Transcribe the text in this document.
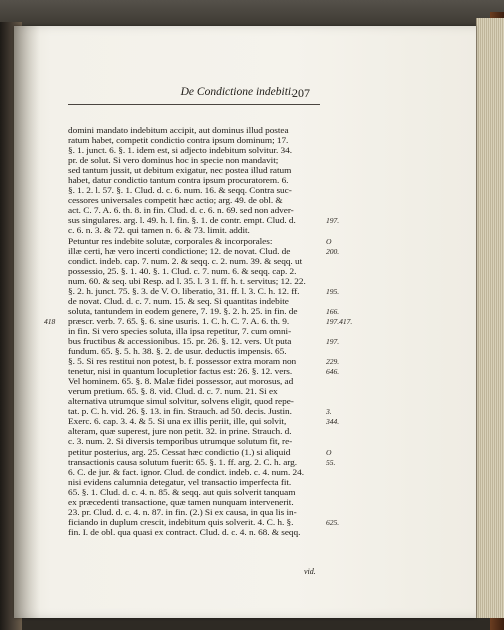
De Condictione indebiti.
207
domini mandato indebitum accipit, aut dominus illud postea
ratum habet, competit condictio contra ipsum dominum; 17.
§. 1. junct. 6. §. 1. idem est, si adjecto indebitum solvitur. 34.
pr. de solut. Si vero dominus hoc in specie non mandavit;
sed tantum jussit, ut debitum exigatur, nec postea illud ratum
habet, datur condictio tantum contra ipsum procuratorem. 6.
§. 1. 2. l. 57. §. 1. Clud. d. c. 6. num. 16. & seqq. Contra suc-
cessores universales competit hæc actio; arg. 49. de obl. &
act. C. 7. A. 6. th. 8. in fin. Clud. d. c. 6. n. 69. sed non adver-
sus singulares. arg. l. 49. h. l. fin. §. 1. de contr. empt. Clud. d.	197.
c. 6. n. 3. & 72. qui tamen n. 6. & 73. limit. addit.
Petuntur res indebite solutæ, corporales & incorporales:	O
illæ certi, hæ vero incerti condictione; 12. de novat. Clud. de	200.
condict. indeb. cap. 7. num. 2. & seqq. c. 2. num. 39. & seqq. ut
possessio, 25. §. 1. 40. §. 1. Clud. c. 7. num. 6. & seqq. cap. 2.
num. 60. & seq. ubi Resp. ad l. 35. l. 3 1. ff. h. t. servitus; 12. 22.
§. 2. h. junct. 75. §. 3. de V. O. liberatio, 31. ff. l. 3. C. h. 12. ff.	195.
de novat. Clud. d. c. 7. num. 15. & seq. Si quantitas indebite
soluta, tantundem in eodem genere, 7. 19. §. 2. h. 25. in fin. de	166.
præscr. verb. 7. 65. §. 6. sine usuris. 1. C. h. C. 7. A. 6. th. 9.	197.417.
418
in fin. Si vero species soluta, illa ipsa repetitur, 7. cum omni-
bus fructibus & accessionibus. 15. pr. 26. §. 12. vers. Ut puta	197.
fundum. 65. §. 5. h. 38. §. 2. de usur. deductis impensis. 65.
§. 5. Si res restitui non potest, b. f. possessor extra moram non	229.
tenetur, nisi in quantum locupletior factus est: 26. §. 12. vers.	646.
Vel hominem. 65. §. 8. Malæ fidei possessor, aut morosus, ad
verum pretium. 65. §. 8. vid. Clud. d. c. 7. num. 21. Si ex
alternativa utrumque simul solvitur, solvens eligit, quod repe-
tat. p. C. h. vid. 26. §. 13. in fin. Strauch. ad 50. decis. Justin.	3.
Exerc. 6. cap. 3. 4. & 5. Si una ex illis periit, ille, qui solvit,	344.
alteram, quæ superest, jure non petit. 32. in prine. Strauch. d.
c. 3. num. 2. Si diversis temporibus utrumque solutum fit, re-
petitur posterius, arg. 25. Cessat hæc condictio (1.) si aliquid	O
transactionis causa solutum fuerit: 65. §. 1. ff. arg. 2. C. h. arg.	55.
6. C. de jur. & fact. ignor. Clud. de condict. indeb. c. 4. num. 24.
nisi evidens calumnia detegatur, vel transactio imperfecta fit.
65. §. 1. Clud. d. c. 4. n. 85. & seqq. aut quis solverit tanquam
ex præcedenti transactione, quæ tamen nunquam intervenerit.
23. pr. Clud. d. c. 4. n. 87. in fin. (2.) Si ex causa, in qua lis in-
ficiando in duplum crescit, indebitum quis solverit. 4. C. h. §.	625.
fin. I. de obl. qua quasi ex contract. Clud. d. c. 4. n. 68. & seqq.
vid.
